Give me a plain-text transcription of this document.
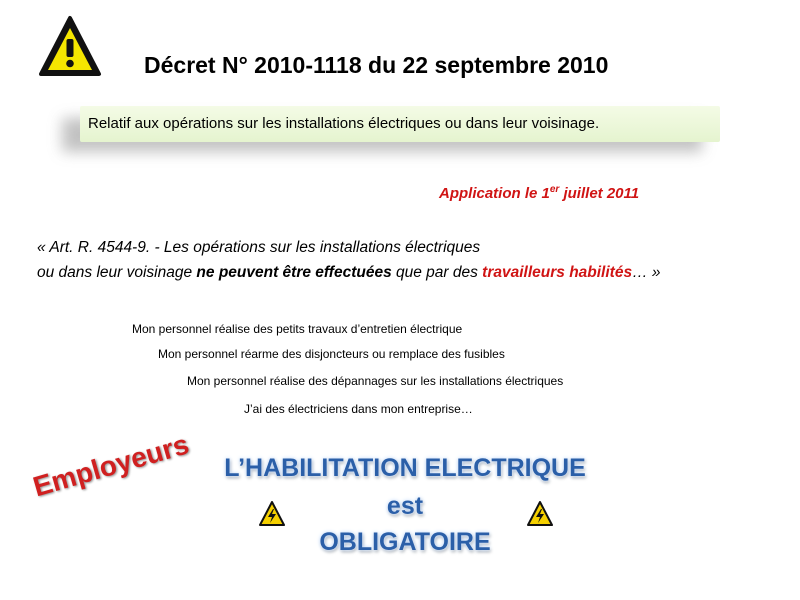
Décret N° 2010-1118 du 22 septembre 2010
Relatif aux opérations sur les installations électriques ou dans leur voisinage.
Application le 1er juillet 2011
« Art. R. 4544-9. - Les opérations sur les installations électriques
ou dans leur voisinage ne peuvent être effectuées que par des travailleurs habilités… »
Mon personnel réalise des petits travaux d’entretien électrique
Mon personnel réarme des disjoncteurs ou remplace des fusibles
Mon personnel réalise des dépannages sur les installations électriques
J’ai des électriciens dans mon entreprise…
Employeurs	L’HABILITATION ELECTRIQUE
est
OBLIGATOIRE
